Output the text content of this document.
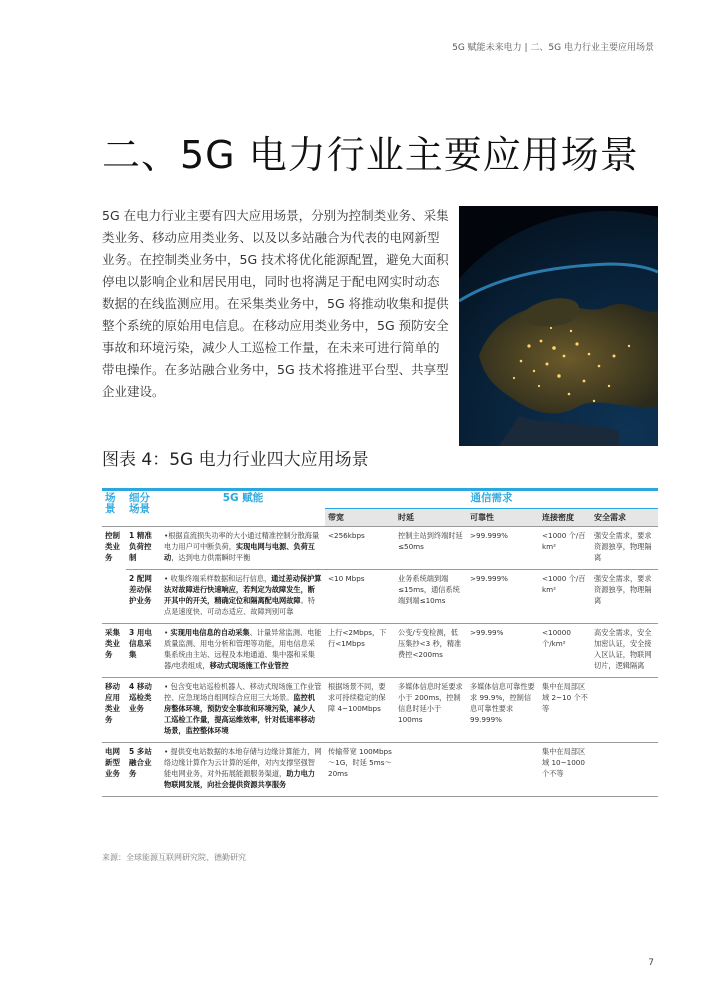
5G 赋能未来电力 | 二、5G 电力行业主要应用场景
二、5G 电力行业主要应用场景
5G 在电力行业主要有四大应用场景，分别为控制类业务、采集类业务、移动应用类业务、以及以多站融合为代表的电网新型业务。在控制类业务中，5G 技术将优化能源配置，避免大面积停电以影响企业和居民用电，同时也将满足于配电网实时动态数据的在线监测应用。在采集类业务中，5G 将推动收集和提供整个系统的原始用电信息。在移动应用类业务中，5G 预防安全事故和环境污染，减少人工巡检工作量，在未来可进行简单的带电操作。在多站融合业务中，5G 技术将推进平台型、共享型企业建设。
图表 4：5G 电力行业四大应用场景

场景	细分场景	5G 赋能	通信需求				
			带宽	时延	可靠性	连接密度	安全需求
控制类业务	1 精准负荷控制	•根据直流损失功率的大小通过精准控制分散海量电力用户可中断负荷，实现电网与电源、负荷互动，达到电力供需瞬时平衡	<256kbps	控制主站到终端时延≤50ms	>99.999%	<1000 个/百km²	强安全需求，要求资源独享，物理隔离
	2 配网差动保护业务	• 收集终端采样数据和运行信息，通过差动保护算法对故障进行快速响应，若判定为故障发生，断开其中的开关，精确定位和隔离配电网故障。特点是速度快、可动态适应、故障判别可靠	<10 Mbps	业务系统端到端≤15ms，通信系统端到端≤10ms	>99.999%	<1000 个/百km²	强安全需求，要求资源独享，物理隔离
采集类业务	3 用电信息采集	• 实现用电信息的自动采集、计量异常监测、电能质量监测、用电分析和管理等功能，用电信息采集系统由主站、远程及本地通道、集中器和采集器/电表组成，移动式现场施工作业管控	上行<2Mbps，下行<1Mbps	公变/专变检测，低压集抄<3 秒，精准费控<200ms	>99.99%	<10000 个/km²	高安全需求，安全加密认证，安全接入区认证，物联网切片，逻辑隔离
移动应用类业务	4 移动巡检类业务	• 包含变电站巡检机器人、移动式现场施工作业管控、应急现场自组网综合应用三大场景。监控机房整体环境，预防安全事故和环境污染，减少人工巡检工作量，提高运维效率，针对低速率移动场景，监控整体环境	根据场景不同，要求可持续稳定的保障 4~100Mbps	多媒体信息时延要求小于 200ms，控制信息时延小于 100ms	多媒体信息可靠性要求 99.9%，控制信息可靠性要求 99.999%	集中在局部区域 2~10 个不等	
电网新型业务	5 多站融合业务	• 提供变电站数据的本地存储与边缘计算能力，网络边缘计算作为云计算的延伸，对内支撑坚强智能电网业务，对外拓展能源服务渠道，助力电力物联网发展，向社会提供资源共享服务	传输带宽 100Mbps～1G，时延 5ms～20ms			集中在局部区域 10~1000 个不等	
来源：全球能源互联网研究院、德勤研究
7
